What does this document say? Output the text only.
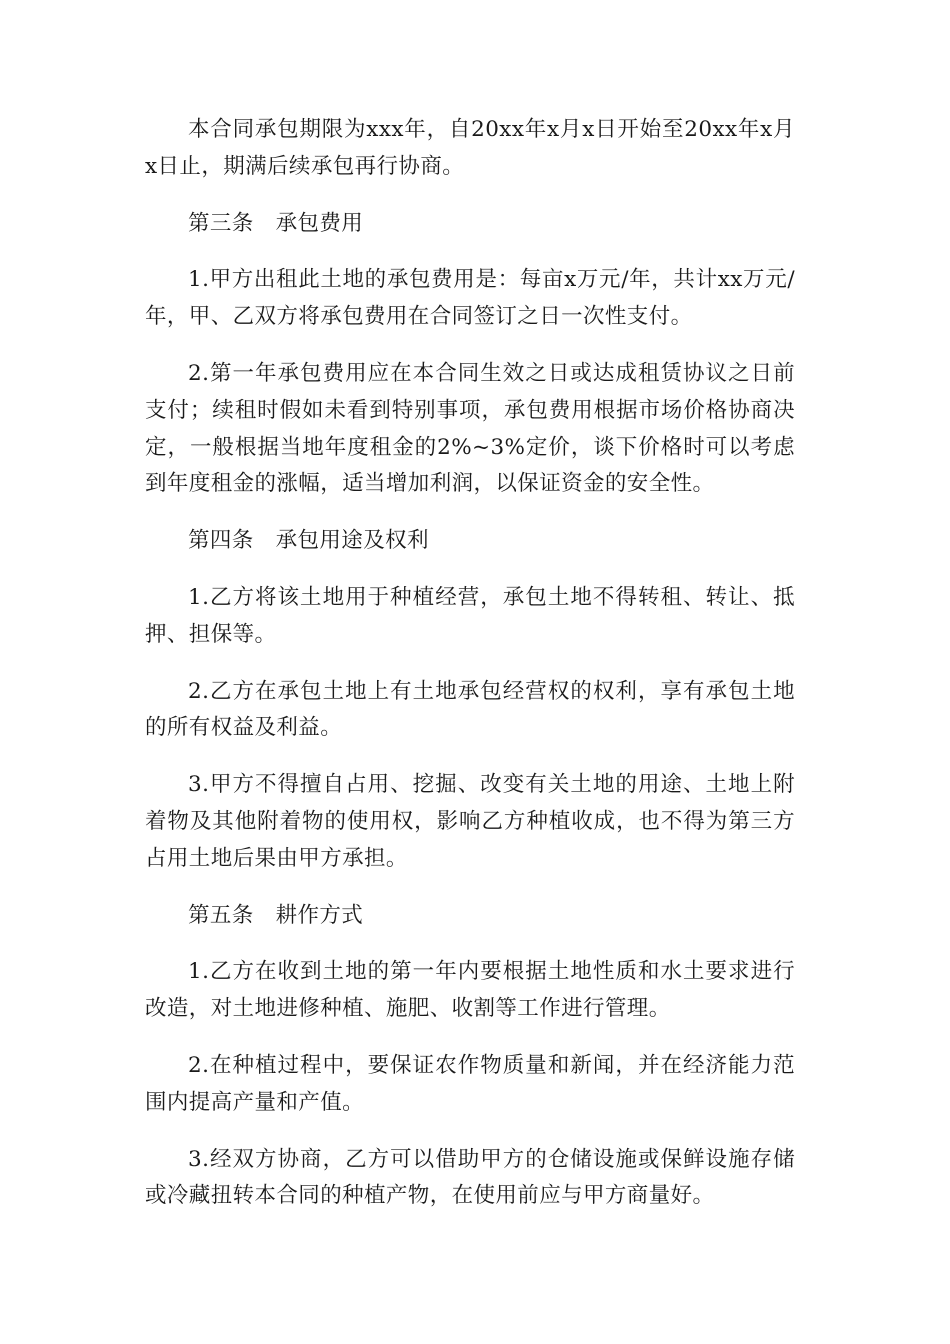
本合同承包期限为xxx年，自20xx年x月x日开始至20xx年x月x日止，期满后续承包再行协商。

第三条　承包费用

1.甲方出租此土地的承包费用是：每亩x万元/年，共计xx万元/年，甲、乙双方将承包费用在合同签订之日一次性支付。

2.第一年承包费用应在本合同生效之日或达成租赁协议之日前支付；续租时假如未看到特别事项，承包费用根据市场价格协商决定，一般根据当地年度租金的2%~3%定价，谈下价格时可以考虑到年度租金的涨幅，适当增加利润，以保证资金的安全性。

第四条　承包用途及权利

1.乙方将该土地用于种植经营，承包土地不得转租、转让、抵押、担保等。

2.乙方在承包土地上有土地承包经营权的权利，享有承包土地的所有权益及利益。

3.甲方不得擅自占用、挖掘、改变有关土地的用途、土地上附着物及其他附着物的使用权，影响乙方种植收成，也不得为第三方占用土地后果由甲方承担。

第五条　耕作方式

1.乙方在收到土地的第一年内要根据土地性质和水土要求进行改造，对土地进修种植、施肥、收割等工作进行管理。

2.在种植过程中，要保证农作物质量和新闻，并在经济能力范围内提高产量和产值。

3.经双方协商，乙方可以借助甲方的仓储设施或保鲜设施存储或冷藏扭转本合同的种植产物，在使用前应与甲方商量好。
